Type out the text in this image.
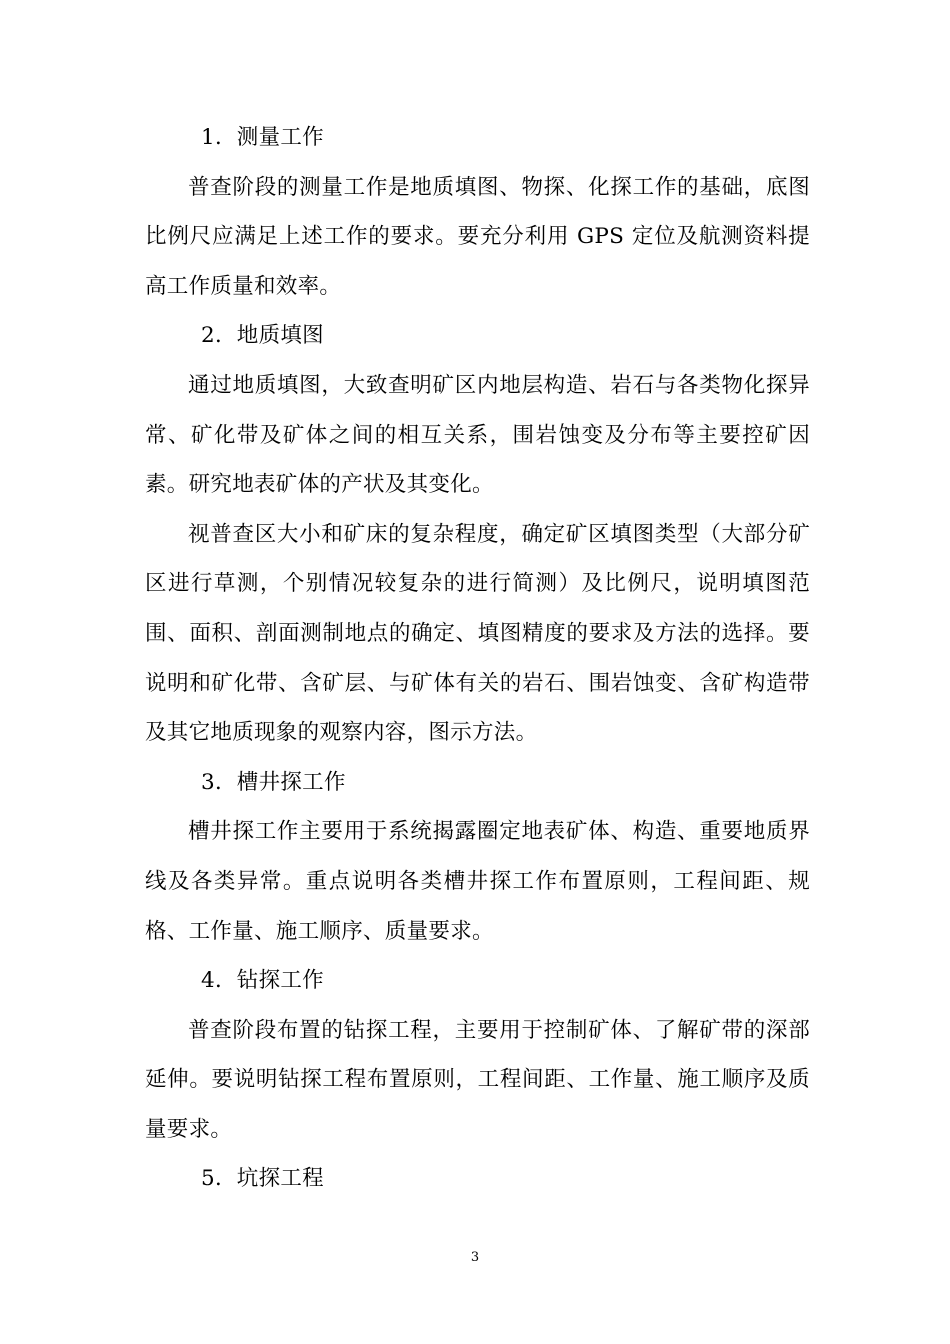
1．测量工作

普查阶段的测量工作是地质填图、物探、化探工作的基础，底图比例尺应满足上述工作的要求。要充分利用 GPS 定位及航测资料提高工作质量和效率。

2．地质填图

通过地质填图，大致查明矿区内地层构造、岩石与各类物化探异常、矿化带及矿体之间的相互关系，围岩蚀变及分布等主要控矿因素。研究地表矿体的产状及其变化。

视普查区大小和矿床的复杂程度，确定矿区填图类型（大部分矿区进行草测，个别情况较复杂的进行简测）及比例尺，说明填图范围、面积、剖面测制地点的确定、填图精度的要求及方法的选择。要说明和矿化带、含矿层、与矿体有关的岩石、围岩蚀变、含矿构造带及其它地质现象的观察内容，图示方法。

3．槽井探工作

槽井探工作主要用于系统揭露圈定地表矿体、构造、重要地质界线及各类异常。重点说明各类槽井探工作布置原则，工程间距、规格、工作量、施工顺序、质量要求。

4．钻探工作

普查阶段布置的钻探工程，主要用于控制矿体、了解矿带的深部延伸。要说明钻探工程布置原则，工程间距、工作量、施工顺序及质量要求。

5．坑探工程

3
